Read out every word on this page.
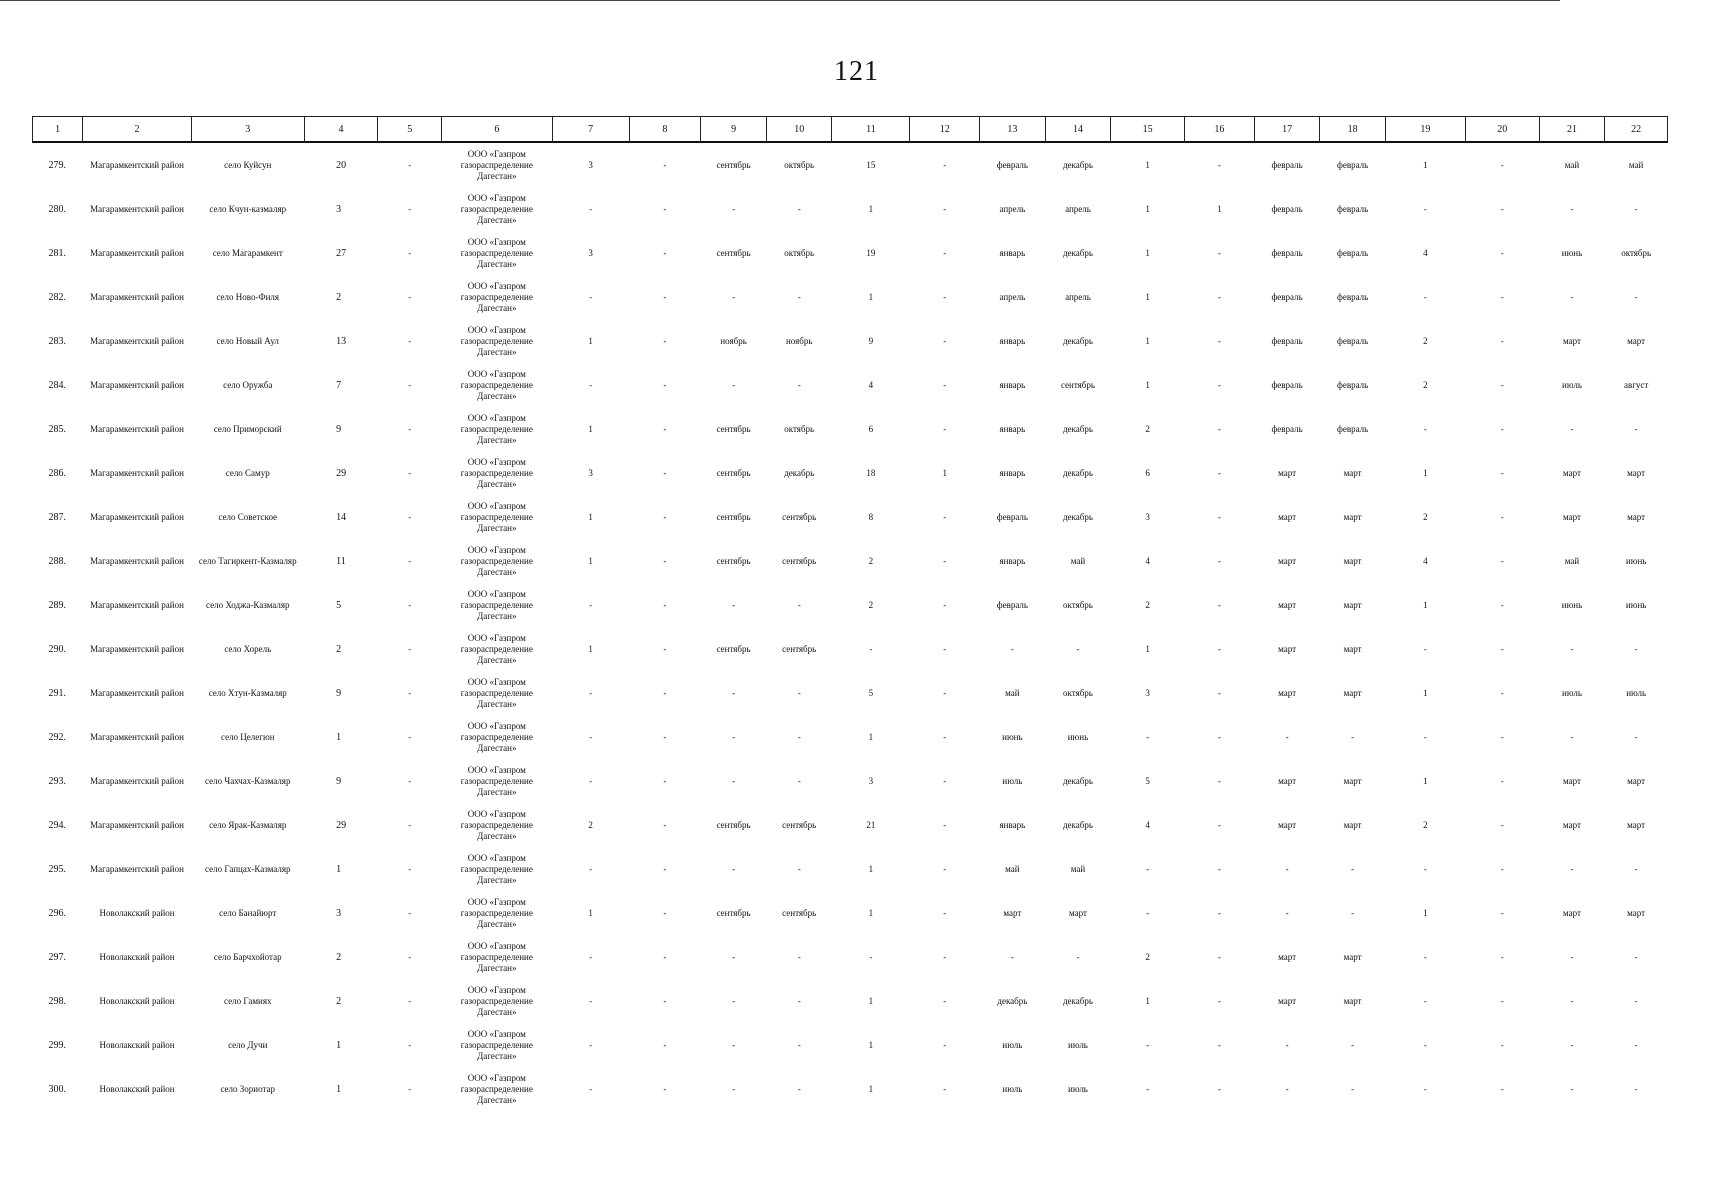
121
1	2	3	4	5	6	7	8	9	10	11	12	13	14	15	16	17	18	19	20	21	22
279.	Магарамкентский район	село Куйсун	20	-	ООО «Газпром газораспределение Дагестан»	3	-	сентябрь	октябрь	15	-	февраль	декабрь	1	-	февраль	февраль	1	-	май	май
280.	Магарамкентский район	село Кчун-казмаляр	3	-	ООО «Газпром газораспределение Дагестан»	-	-	-	-	1	-	апрель	апрель	1	1	февраль	февраль	-	-	-	-
281.	Магарамкентский район	село Магарамкент	27	-	ООО «Газпром газораспределение Дагестан»	3	-	сентябрь	октябрь	19	-	январь	декабрь	1	-	февраль	февраль	4	-	июнь	октябрь
282.	Магарамкентский район	село Ново-Филя	2	-	ООО «Газпром газораспределение Дагестан»	-	-	-	-	1	-	апрель	апрель	1	-	февраль	февраль	-	-	-	-
283.	Магарамкентский район	село Новый Аул	13	-	ООО «Газпром газораспределение Дагестан»	1	-	ноябрь	ноябрь	9	-	январь	декабрь	1	-	февраль	февраль	2	-	март	март
284.	Магарамкентский район	село Оружба	7	-	ООО «Газпром газораспределение Дагестан»	-	-	-	-	4	-	январь	сентябрь	1	-	февраль	февраль	2	-	июль	август
285.	Магарамкентский район	село Приморский	9	-	ООО «Газпром газораспределение Дагестан»	1	-	сентябрь	октябрь	6	-	январь	декабрь	2	-	февраль	февраль	-	-	-	-
286.	Магарамкентский район	село Самур	29	-	ООО «Газпром газораспределение Дагестан»	3	-	сентябрь	декабрь	18	1	январь	декабрь	6	-	март	март	1	-	март	март
287.	Магарамкентский район	село Советское	14	-	ООО «Газпром газораспределение Дагестан»	1	-	сентябрь	сентябрь	8	-	февраль	декабрь	3	-	март	март	2	-	март	март
288.	Магарамкентский район	село Тагиркент-Казмаляр	11	-	ООО «Газпром газораспределение Дагестан»	1	-	сентябрь	сентябрь	2	-	январь	май	4	-	март	март	4	-	май	июнь
289.	Магарамкентский район	село Ходжа-Казмаляр	5	-	ООО «Газпром газораспределение Дагестан»	-	-	-	-	2	-	февраль	октябрь	2	-	март	март	1	-	июнь	июнь
290.	Магарамкентский район	село Хорель	2	-	ООО «Газпром газораспределение Дагестан»	1	-	сентябрь	сентябрь	-	-	-	-	1	-	март	март	-	-	-	-
291.	Магарамкентский район	село Хтун-Казмаляр	9	-	ООО «Газпром газораспределение Дагестан»	-	-	-	-	5	-	май	октябрь	3	-	март	март	1	-	июль	июль
292.	Магарамкентский район	село Целегюн	1	-	ООО «Газпром газораспределение Дагестан»	-	-	-	-	1	-	июнь	июнь	-	-	-	-	-	-	-	-
293.	Магарамкентский район	село Чахчах-Казмаляр	9	-	ООО «Газпром газораспределение Дагестан»	-	-	-	-	3	-	июль	декабрь	5	-	март	март	1	-	март	март
294.	Магарамкентский район	село Ярак-Казмаляр	29	-	ООО «Газпром газораспределение Дагестан»	2	-	сентябрь	сентябрь	21	-	январь	декабрь	4	-	март	март	2	-	март	март
295.	Магарамкентский район	село Гапцах-Казмаляр	1	-	ООО «Газпром газораспределение Дагестан»	-	-	-	-	1	-	май	май	-	-	-	-	-	-	-	-
296.	Новолакский район	село Банайюрт	3	-	ООО «Газпром газораспределение Дагестан»	1	-	сентябрь	сентябрь	1	-	март	март	-	-	-	-	1	-	март	март
297.	Новолакский район	село Барчхойотар	2	-	ООО «Газпром газораспределение Дагестан»	-	-	-	-	-	-	-	-	2	-	март	март	-	-	-	-
298.	Новолакский район	село Гамиях	2	-	ООО «Газпром газораспределение Дагестан»	-	-	-	-	1	-	декабрь	декабрь	1	-	март	март	-	-	-	-
299.	Новолакский район	село Дучи	1	-	ООО «Газпром газораспределение Дагестан»	-	-	-	-	1	-	июль	июль	-	-	-	-	-	-	-	-
300.	Новолакский район	село Зориотар	1	-	ООО «Газпром газораспределение Дагестан»	-	-	-	-	1	-	июль	июль	-	-	-	-	-	-	-	-
